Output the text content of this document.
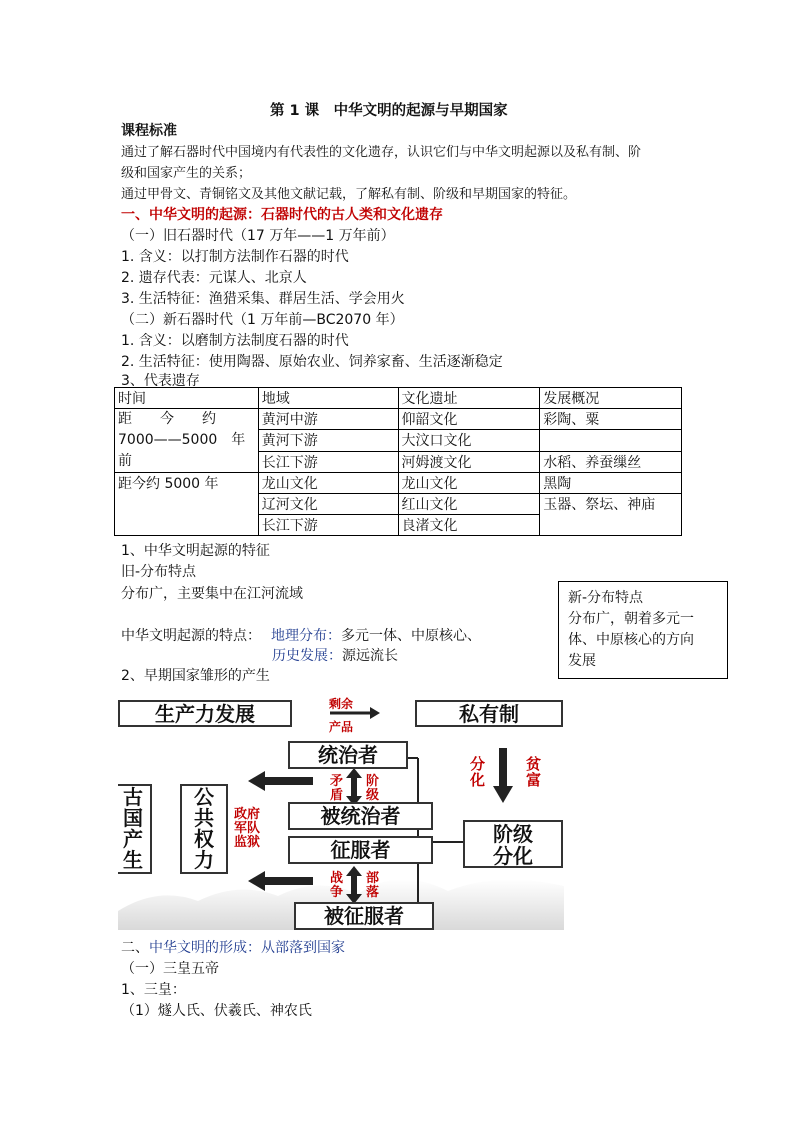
第 1 课　中华文明的起源与早期国家
课程标准
通过了解石器时代中国境内有代表性的文化遗存，认识它们与中华文明起源以及私有制、阶
级和国家产生的关系；
通过甲骨文、青铜铭文及其他文献记载，了解私有制、阶级和早期国家的特征。
一、中华文明的起源：石器时代的古人类和文化遗存
（一）旧石器时代（17 万年——1 万年前）
1. 含义：以打制方法制作石器的时代
2. 遗存代表：元谋人、北京人
3. 生活特征：渔猎采集、群居生活、学会用火
（二）新石器时代（1 万年前—BC2070 年）
1. 含义：以磨制方法制度石器的时代
2. 生活特征：使用陶器、原始农业、饲养家畜、生活逐渐稳定
3、代表遗存
时间	地域	文化遗址	发展概况

距　　今　　约
7000——5000　年
前	黄河中游	仰韶文化	彩陶、粟
	黄河下游	大汶口文化	
	长江下游	河姆渡文化	水稻、养蚕缫丝
距今约 5000 年	龙山文化	龙山文化	黑陶
	辽河文化	红山文化	玉器、祭坛、神庙
	长江下游	良渚文化	
1、中华文明起源的特征
旧-分布特点
分布广，主要集中在江河流域
中华文明起源的特点： 地理分布：多元一体、中原核心、
历史发展：源远流长
2、早期国家雏形的产生
新-分布特点
分布广，朝着多元一
体、中原核心的方向
发展
生产力发展	剩余
产品
私有制
统治者
被统治者
征服者
被征服者
矛
盾
阶
级
战
争
部
落
分
化
贫
富
阶级
分化
政府
军队
监狱
公
共
权
力
古
国
产
生
二、中华文明的形成：从部落到国家
（一）三皇五帝
1、三皇：
（1）燧人氏、伏羲氏、神农氏
